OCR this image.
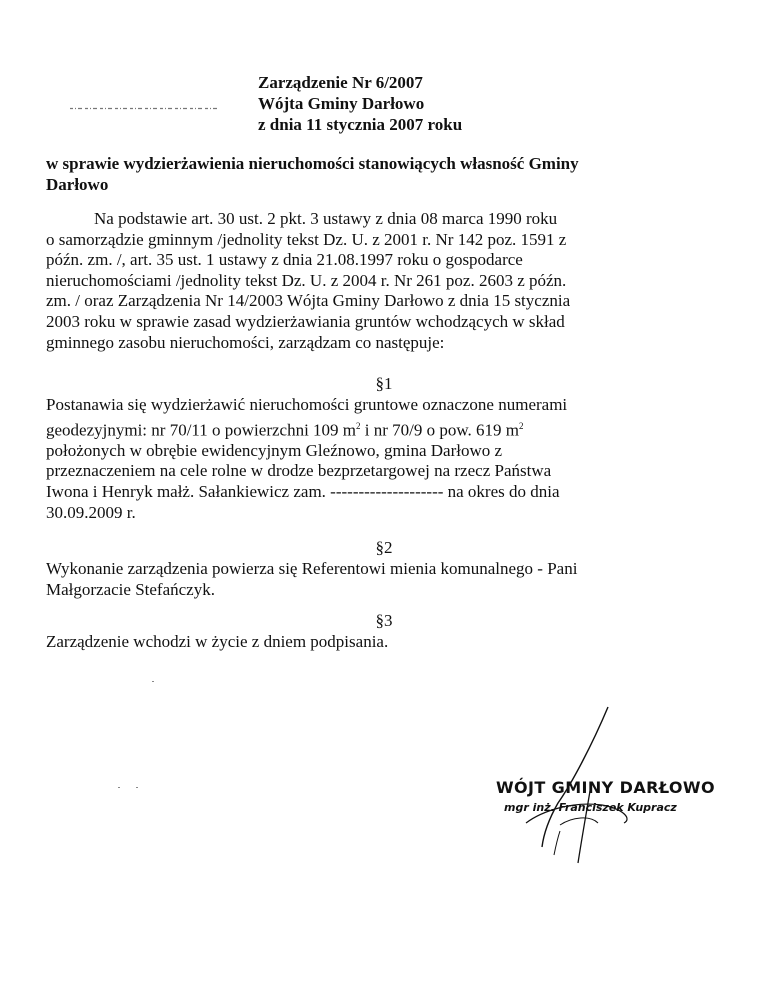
Zarządzenie Nr 6/2007
Wójta Gminy Darłowo
z dnia 11 stycznia 2007 roku
w sprawie wydzierżawienia nieruchomości stanowiących własność Gminy
Darłowo
Na podstawie art. 30 ust. 2 pkt. 3 ustawy z dnia 08 marca 1990 roku
o samorządzie gminnym /jednolity tekst Dz. U. z 2001 r. Nr 142 poz. 1591 z
późn. zm. /, art. 35 ust. 1 ustawy z dnia 21.08.1997 roku o gospodarce
nieruchomościami /jednolity tekst Dz. U. z 2004 r. Nr 261 poz. 2603 z późn.
zm. / oraz Zarządzenia Nr 14/2003 Wójta Gminy Darłowo z dnia 15 stycznia
2003 roku w sprawie zasad wydzierżawiania gruntów wchodzących w skład
gminnego zasobu nieruchomości, zarządzam co następuje:
§1
Postanawia się wydzierżawić nieruchomości gruntowe oznaczone numerami
geodezyjnymi: nr 70/11 o powierzchni 109 $m^2$ i nr 70/9 o pow. 619 $m^2$
położonych w obrębie ewidencyjnym Gleźnowo, gmina Darłowo z
przeznaczeniem na cele rolne w drodze bezprzetargowej na rzecz Państwa
Iwona i Henryk małż. Sałankiewicz zam. -------------------- na okres do dnia
30.09.2009 r.
§2
Wykonanie zarządzenia powierza się Referentowi mienia komunalnego - Pani
Małgorzacie Stefańczyk.
§3
Zarządzenie wchodzi w życie z dniem podpisania.
WÓJT GMINY DARŁOWO
mgr inż. Franciszek Kupracz
